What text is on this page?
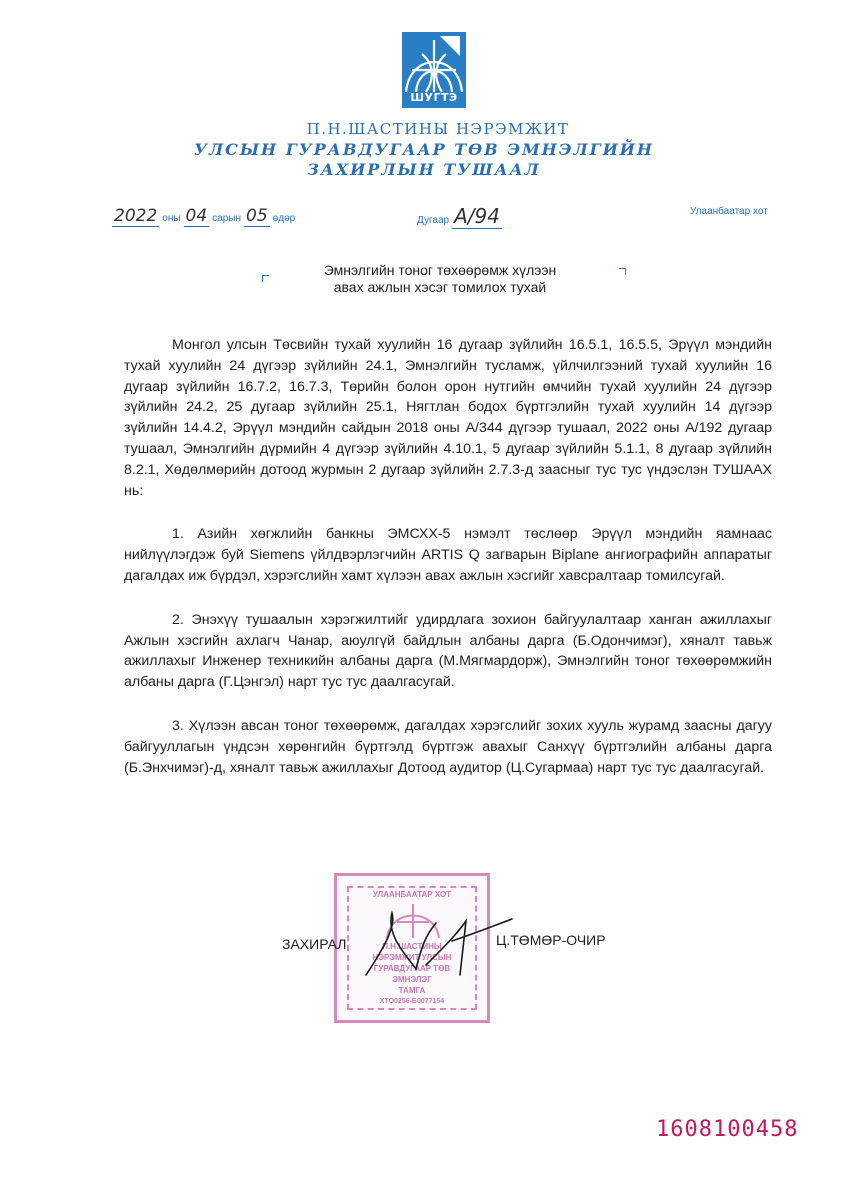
ШУГТЭ
П.Н.ШАСТИНЫ НЭРЭМЖИТ
УЛСЫН ГУРАВДУГААР ТӨВ ЭМНЭЛГИЙН
ЗАХИРЛЫН ТУШААЛ
2022 оны 04 сарын 05 өдөр	Дугаар А/94	Улаанбаатар хот
Эмнэлгийн тоног төхөөрөмж хүлээн
авах ажлын хэсэг томилох тухай

Монгол улсын Төсвийн тухай хуулийн 16 дугаар зүйлийн 16.5.1, 16.5.5, Эрүүл мэндийн тухай хуулийн 24 дүгээр зүйлийн 24.1, Эмнэлгийн тусламж, үйлчилгээний тухай хуулийн 16 дугаар зүйлийн 16.7.2, 16.7.3, Төрийн болон орон нутгийн өмчийн тухай хуулийн 24 дүгээр зүйлийн 24.2, 25 дугаар зүйлийн 25.1, Нягтлан бодох бүртгэлийн тухай хуулийн 14 дүгээр зүйлийн 14.4.2, Эрүүл мэндийн сайдын 2018 оны А/344 дүгээр тушаал, 2022 оны А/192 дугаар тушаал, Эмнэлгийн дүрмийн 4 дүгээр зүйлийн 4.10.1, 5 дугаар зүйлийн 5.1.1, 8 дугаар зүйлийн 8.2.1, Хөдөлмөрийн дотоод журмын 2 дугаар зүйлийн 2.7.3-д заасныг тус тус үндэслэн ТУШААХ нь:

1. Азийн хөгжлийн банкны ЭМСХХ-5 нэмэлт төслөөр Эрүүл мэндийн яамнаас нийлүүлэгдэж буй Siemens үйлдвэрлэгчийн ARTIS Q загварын Biplane ангиографийн аппаратыг дагалдах иж бүрдэл, хэрэгслийн хамт хүлээн авах ажлын хэсгийг хавсралтаар томилсугай.

2. Энэхүү тушаалын хэрэгжилтийг удирдлага зохион байгуулалтаар ханган ажиллахыг Ажлын хэсгийн ахлагч Чанар, аюулгүй байдлын албаны дарга (Б.Одончимэг), хяналт тавьж ажиллахыг Инженер техникийн албаны дарга (М.Мягмардорж), Эмнэлгийн тоног төхөөрөмжийн албаны дарга (Г.Цэнгэл) нарт тус тус даалгасугай.

3. Хүлээн авсан тоног төхөөрөмж, дагалдах хэрэгслийг зохих хууль журамд заасны дагуу байгууллагын үндсэн хөрөнгийн бүртгэлд бүртгэж авахыг Санхүү бүртгэлийн албаны дарга (Б.Энхчимэг)-д, хяналт тавьж ажиллахыг Дотоод аудитор (Ц.Сугармаа) нарт тус тус даалгасугай.

УЛААНБААТАР ХОТ
П.Н.ШАСТИНЫ
НЭРЭМЖИТ УЛСЫН
ГУРАВДУГААР ТӨВ
ЭМНЭЛЭГ
ТАМГА
ХТО0256-Б0077154
ЗАХИРАЛ	Ц.ТӨМӨР-ОЧИР
1608100458
